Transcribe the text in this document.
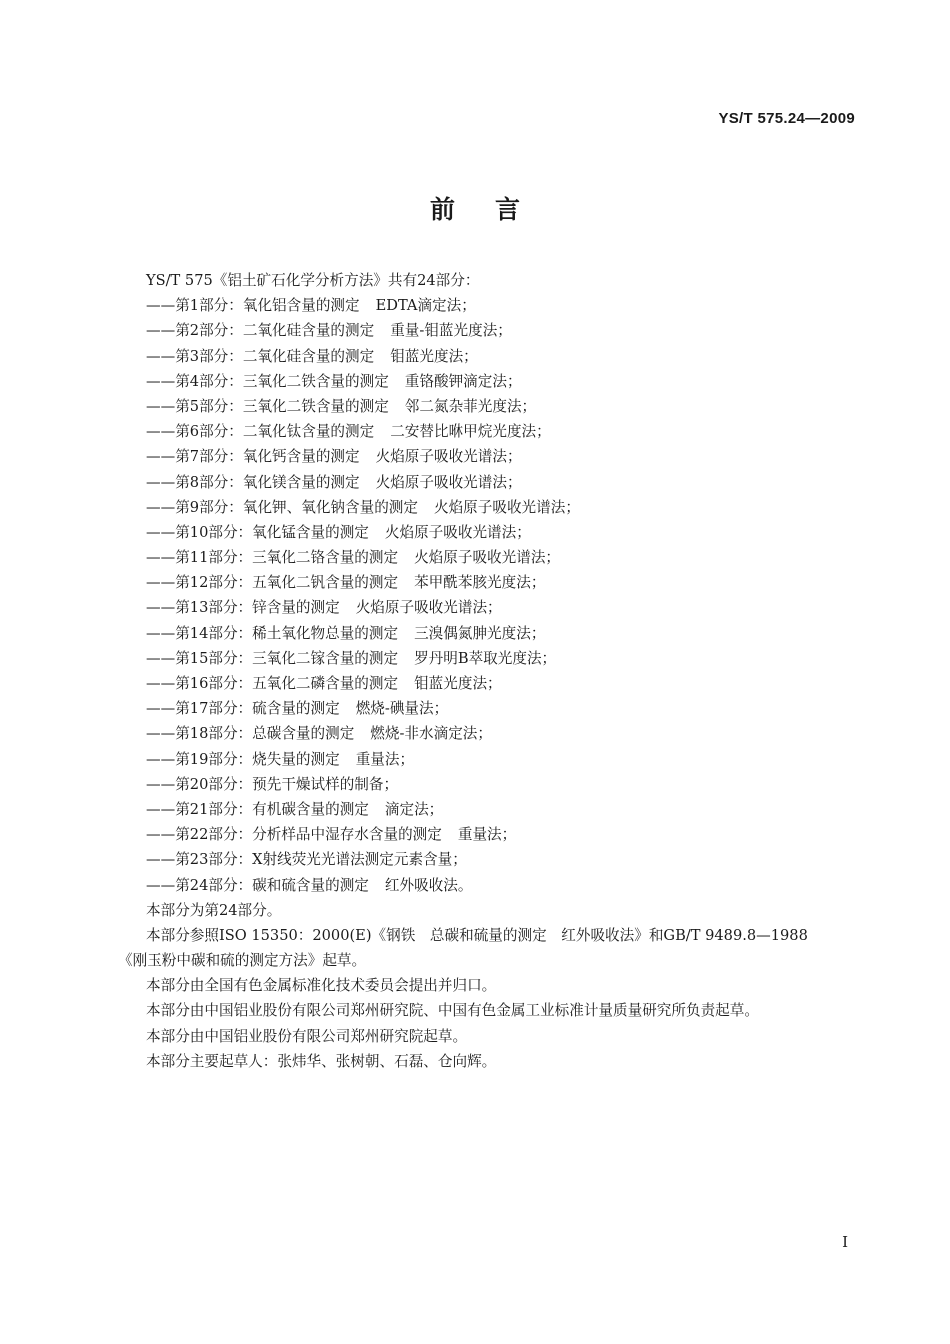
YS/T 575.24—2009
前言
YS/T 575《铝土矿石化学分析方法》共有24部分：
——第1部分：氧化铝含量的测定 EDTA滴定法；
——第2部分：二氧化硅含量的测定 重量-钼蓝光度法；
——第3部分：二氧化硅含量的测定 钼蓝光度法；
——第4部分：三氧化二铁含量的测定 重铬酸钾滴定法；
——第5部分：三氧化二铁含量的测定 邻二氮杂菲光度法；
——第6部分：二氧化钛含量的测定 二安替比咻甲烷光度法；
——第7部分：氧化钙含量的测定 火焰原子吸收光谱法；
——第8部分：氧化镁含量的测定 火焰原子吸收光谱法；
——第9部分：氧化钾、氧化钠含量的测定 火焰原子吸收光谱法；
——第10部分：氧化锰含量的测定 火焰原子吸收光谱法；
——第11部分：三氧化二铬含量的测定 火焰原子吸收光谱法；
——第12部分：五氧化二钒含量的测定 苯甲酰苯胲光度法；
——第13部分：锌含量的测定 火焰原子吸收光谱法；
——第14部分：稀土氧化物总量的测定 三溴偶氮胂光度法；
——第15部分：三氧化二镓含量的测定 罗丹明B萃取光度法；
——第16部分：五氧化二磷含量的测定 钼蓝光度法；
——第17部分：硫含量的测定 燃烧-碘量法；
——第18部分：总碳含量的测定 燃烧-非水滴定法；
——第19部分：烧失量的测定 重量法；
——第20部分：预先干燥试样的制备；
——第21部分：有机碳含量的测定 滴定法；
——第22部分：分析样品中湿存水含量的测定 重量法；
——第23部分：X射线荧光光谱法测定元素含量；
——第24部分：碳和硫含量的测定 红外吸收法。
本部分为第24部分。
本部分参照ISO 15350：2000(E)《钢铁　总碳和硫量的测定　红外吸收法》和GB/T 9489.8—1988
《刚玉粉中碳和硫的测定方法》起草。
本部分由全国有色金属标准化技术委员会提出并归口。
本部分由中国铝业股份有限公司郑州研究院、中国有色金属工业标准计量质量研究所负责起草。
本部分由中国铝业股份有限公司郑州研究院起草。
本部分主要起草人：张炜华、张树朝、石磊、仓向辉。
I
